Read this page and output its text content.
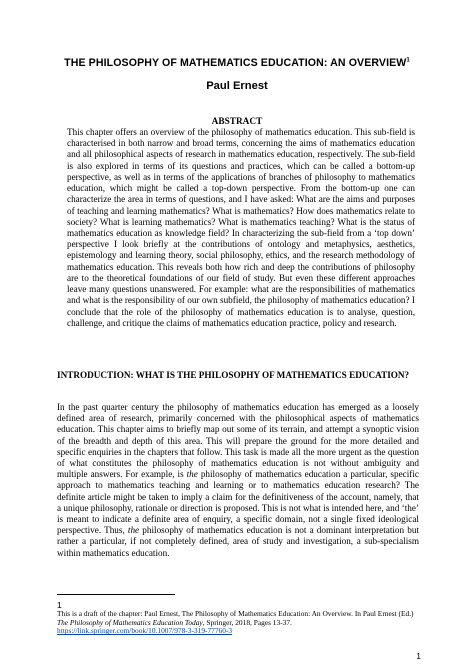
THE PHILOSOPHY OF MATHEMATICS EDUCATION: AN OVERVIEW$^1$
Paul Ernest
ABSTRACT

This chapter offers an overview of the philosophy of mathematics education. This sub-field is characterised in both narrow and broad terms, concerning the aims of mathematics education and all philosophical aspects of research in mathematics education, respectively. The sub-field is also explored in terms of its questions and practices, which can be called a bottom-up perspective, as well as in terms of the applications of branches of philosophy to mathematics education, which might be called a top-down perspective. From the bottom-up one can characterize the area in terms of questions, and I have asked: What are the aims and purposes of teaching and learning mathematics? What is mathematics? How does mathematics relate to society? What is learning mathematics? What is mathematics teaching? What is the status of mathematics education as knowledge field? In characterizing the sub-field from a ‘top down’ perspective I look briefly at the contributions of ontology and metaphysics, aesthetics, epistemology and learning theory, social philosophy, ethics, and the research methodology of mathematics education. This reveals both how rich and deep the contributions of philosophy are to the theoretical foundations of our field of study. But even these different approaches leave many questions unanswered. For example: what are the responsibilities of mathematics and what is the responsibility of our own subfield, the philosophy of mathematics education? I conclude that the role of the philosophy of mathematics education is to analyse, question, challenge, and critique the claims of mathematics education practice, policy and research.

INTRODUCTION: WHAT IS THE PHILOSOPHY OF MATHEMATICS EDUCATION?

In the past quarter century the philosophy of mathematics education has emerged as a loosely defined area of research, primarily concerned with the philosophical aspects of mathematics education. This chapter aims to briefly map out some of its terrain, and attempt a synoptic vision of the breadth and depth of this area. This will prepare the ground for the more detailed and specific enquiries in the chapters that follow. This task is made all the more urgent as the question of what constitutes the philosophy of mathematics education is not without ambiguity and multiple answers. For example, is the philosophy of mathematics education a particular, specific approach to mathematics teaching and learning or to mathematics education research? The definite article might be taken to imply a claim for the definitiveness of the account, namely, that a unique philosophy, rationale or direction is proposed. This is not what is intended here, and ‘the’ is meant to indicate a definite area of enquiry, a specific domain, not a single fixed ideological perspective. Thus, the philosophy of mathematics education is not a dominant interpretation but rather a particular, if not completely defined, area of study and investigation, a sub-specialism within mathematics education.

1

This is a draft of the chapter: Paul Ernest, The Philosophy of Mathematics Education: An Overview. In Paul Ernest (Ed.) The Philosophy of Mathematics Education Today, Springer, 2018, Pages 13-37. https://link.springer.com/book/10.1007/978-3-319-77760-3

1
